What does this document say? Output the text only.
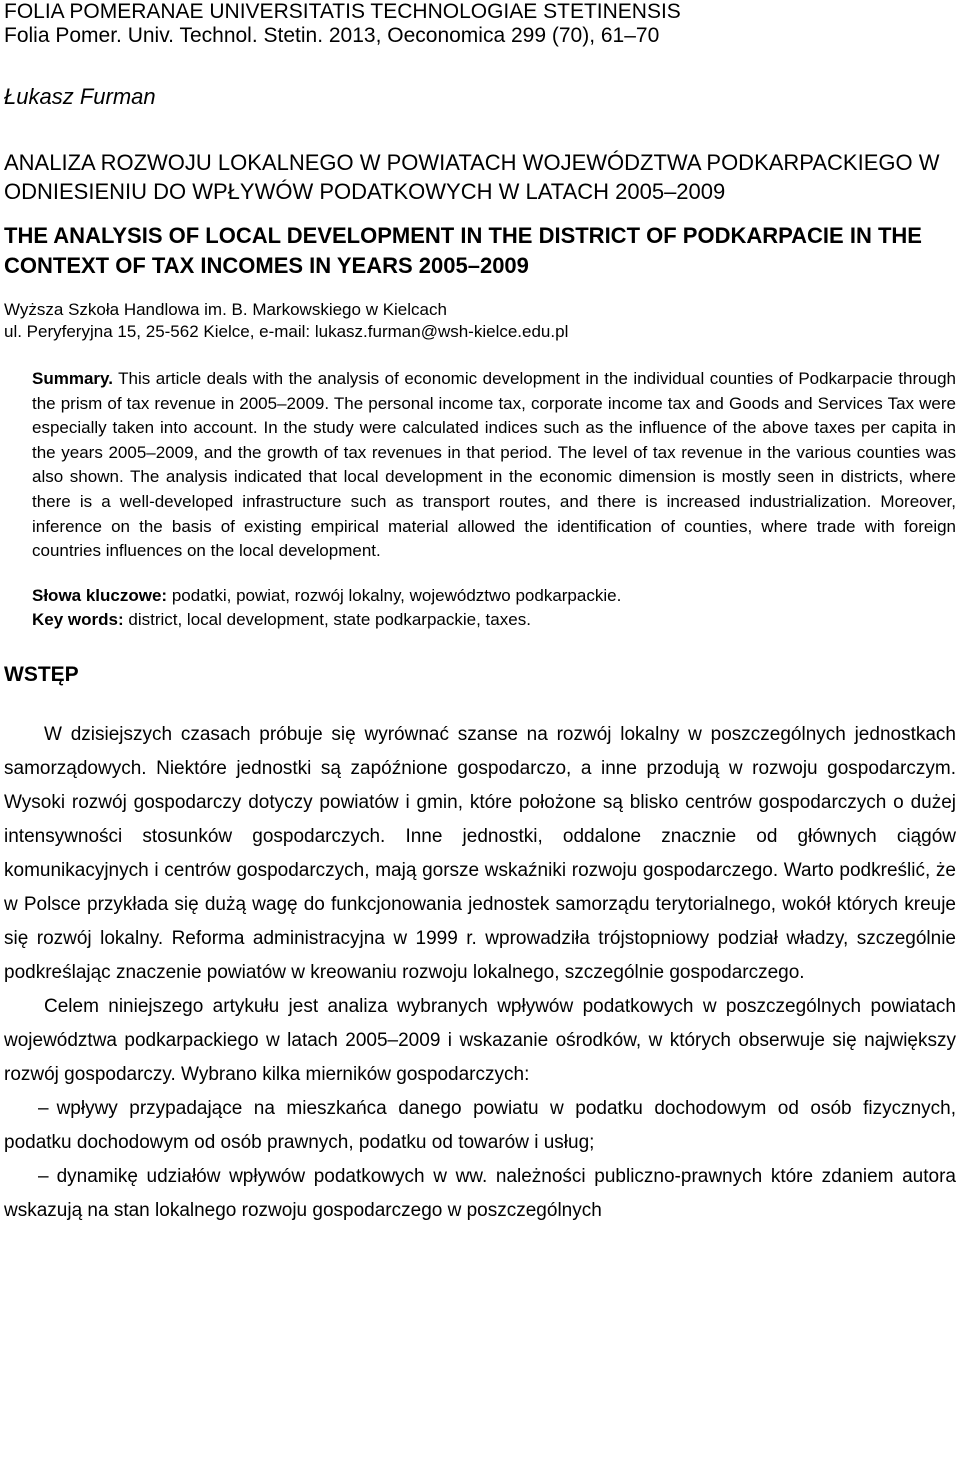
FOLIA POMERANAE UNIVERSITATIS TECHNOLOGIAE STETINENSIS

Folia Pomer. Univ. Technol. Stetin. 2013, Oeconomica 299 (70), 61–70

Łukasz Furman
ANALIZA ROZWOJU LOKALNEGO W POWIATACH WOJEWÓDZTWA PODKARPACKIEGO W ODNIESIENIU DO WPŁYWÓW PODATKOWYCH W LATACH 2005–2009
THE ANALYSIS OF LOCAL DEVELOPMENT IN THE DISTRICT OF PODKARPACIE IN THE CONTEXT OF TAX INCOMES IN YEARS 2005–2009
Wyższa Szkoła Handlowa im. B. Markowskiego w Kielcach
ul. Peryferyjna 15, 25-562 Kielce, e-mail: lukasz.furman@wsh-kielce.edu.pl
Summary. This article deals with the analysis of economic development in the individual counties of Podkarpacie through the prism of tax revenue in 2005–2009. The personal income tax, corporate income tax and Goods and Services Tax were especially taken into account. In the study were calculated indices such as the influence of the above taxes per capita in the years 2005–2009, and the growth of tax revenues in that period. The level of tax revenue in the various counties was also shown. The analysis indicated that local development in the economic dimension is mostly seen in districts, where there is a well-developed infrastructure such as transport routes, and there is increased industrialization. Moreover, inference on the basis of existing empirical material allowed the identification of counties, where trade with foreign countries influences on the local development.
Słowa kluczowe: podatki, powiat, rozwój lokalny, województwo podkarpackie.
Key words: district, local development, state podkarpackie, taxes.
WSTĘP

W dzisiejszych czasach próbuje się wyrównać szanse na rozwój lokalny w poszczególnych jednostkach samorządowych. Niektóre jednostki są zapóźnione gospodarczo, a inne przodują w rozwoju gospodarczym. Wysoki rozwój gospodarczy dotyczy powiatów i gmin, które położone są blisko centrów gospodarczych o dużej intensywności stosunków gospodarczych. Inne jednostki, oddalone znacznie od głównych ciągów komunikacyjnych i centrów gospodarczych, mają gorsze wskaźniki rozwoju gospodarczego. Warto podkreślić, że w Polsce przykłada się dużą wagę do funkcjonowania jednostek samorządu terytorialnego, wokół których kreuje się rozwój lokalny. Reforma administracyjna w 1999 r. wprowadziła trójstopniowy podział władzy, szczególnie podkreślając znaczenie powiatów w kreowaniu rozwoju lokalnego, szczególnie gospodarczego.

Celem niniejszego artykułu jest analiza wybranych wpływów podatkowych w poszczególnych powiatach województwa podkarpackiego w latach 2005–2009 i wskazanie ośrodków, w których obserwuje się największy rozwój gospodarczy. Wybrano kilka mierników gospodarczych:

– wpływy przypadające na mieszkańca danego powiatu w podatku dochodowym od osób fizycznych, podatku dochodowym od osób prawnych, podatku od towarów i usług;

– dynamikę udziałów wpływów podatkowych w ww. należności publiczno-prawnych które zdaniem autora wskazują na stan lokalnego rozwoju gospodarczego w poszczególnych
